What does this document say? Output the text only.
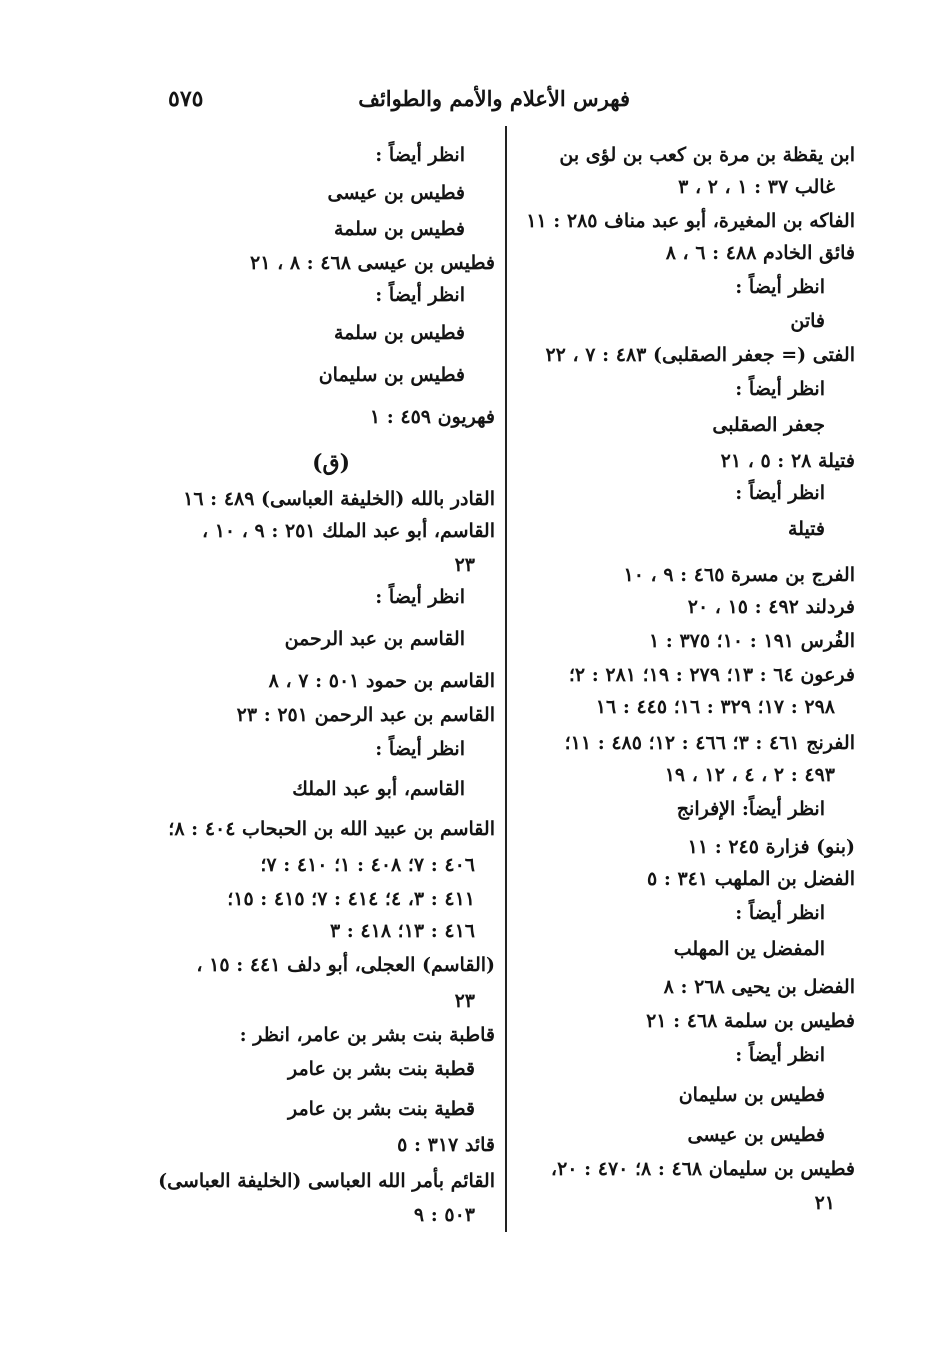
فهرس الأعلام والأمم والطوائف
٥٧٥
ابن يقظة بن مرة بن كعب بن لؤى بن
غالب ٣٧ : ١ ، ٢ ، ٣
الفاكه بن المغيرة، أبو عبد مناف ٢٨٥ : ١١
فائق الخادم ٤٨٨ : ٦ ، ٨
انظر أيضاً :
فاتن
الفتى (= جعفر الصقلبى) ٤٨٣ : ٧ ، ٢٢
انظر أيضاً :
جعفر الصقلبى
فتيلة ٢٨ : ٥ ، ٢١
انظر أيضاً :
فتيلة
الفرج بن مسرة ٤٦٥ : ٩ ، ١٠
فردلند ٤٩٢ : ١٥ ، ٢٠
الفُرس ١٩١ : ١٠؛ ٣٧٥ : ١
فرعون ٦٤ : ١٣؛ ٢٧٩ : ١٩؛ ٢٨١ : ٢؛
٢٩٨ : ١٧؛ ٣٢٩ : ١٦؛ ٤٤٥ : ١٦
الفرنج ٤٦١ : ٣؛ ٤٦٦ : ١٢؛ ٤٨٥ : ١١؛
٤٩٣ : ٢ ، ٤ ، ١٢ ، ١٩
انظر أيضاً: الإفرانج
(بنو) فزارة ٢٤٥ : ١١
الفضل بن الملهب ٣٤١ : ٥
انظر أيضاً :
المفضل ين المهلب
الفضل بن يحيى ٢٦٨ : ٨
فطيس بن سلمة ٤٦٨ : ٢١
انظر أيضاً :
فطيس بن سليمان
فطيس بن عيسى
فطيس بن سليمان ٤٦٨ : ٨؛ ٤٧٠ : ٢٠،
٢١
انظر أيضاً :
فطيس بن عيسى
فطيس بن سلمة
فطيس بن عيسى ٤٦٨ : ٨ ، ٢١
انظر أيضاً :
فطيس بن سلمة
فطيس بن سليمان
فهريون ٤٥٩ : ١
(ق)
القادر بالله (الخليفة العباسى) ٤٨٩ : ١٦
القاسم، أبو عبد الملك ٢٥١ : ٩ ، ١٠ ،
٢٣
انظر أيضاً :
القاسم بن عبد الرحمن
القاسم بن حمود ٥٠١ : ٧ ، ٨
القاسم بن عبد الرحمن ٢٥١ : ٢٣
انظر أيضاً :
القاسم، أبو عبد الملك
القاسم بن عبيد الله بن الحبحاب ٤٠٤ : ٨؛
٤٠٦ : ٧؛ ٤٠٨ : ١؛ ٤١٠ : ٧؛
٤١١ : ٣، ٤؛ ٤١٤ : ٧؛ ٤١٥ : ١٥؛
٤١٦ : ١٣؛ ٤١٨ : ٣
(القاسم) العجلى، أبو دلف ٤٤١ : ١٥ ،
٢٣
قاطبة بنت بشر بن عامر، انظر :
قطبة بنت بشر بن عامر
قطية بنت بشر بن عامر
قائد ٣١٧ : ٥
القائم بأمر الله العباسى (الخليفة العباسى)
٥٠٣ : ٩
